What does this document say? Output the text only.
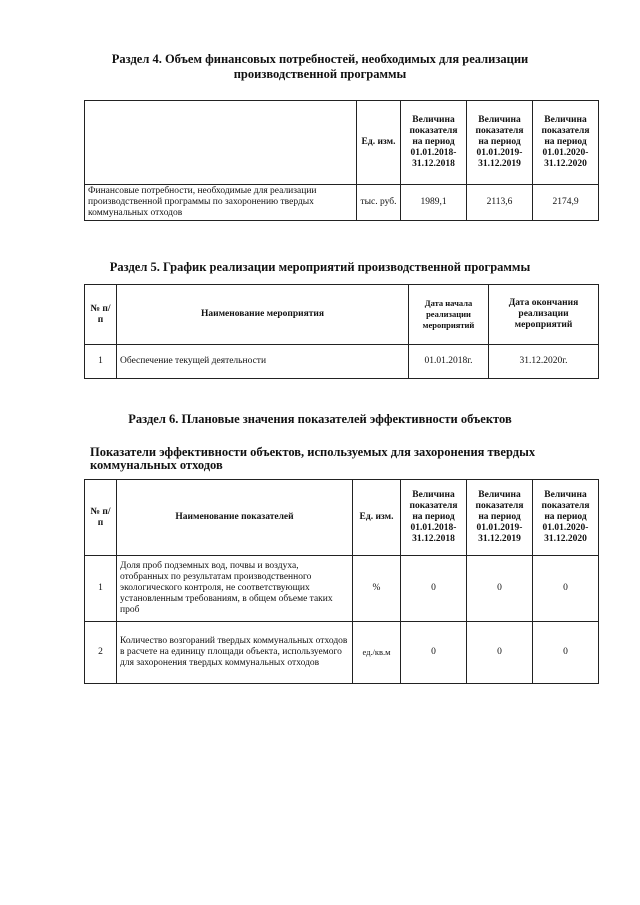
Раздел 4. Объем финансовых потребностей, необходимых для реализации
производственной программы
	Ед. изм.	Величина показателя на период 01.01.2018-31.12.2018	Величина показателя на период 01.01.2019-31.12.2019	Величина показателя на период 01.01.2020-31.12.2020
Финансовые потребности, необходимые для реализации производственной программы по захоронению твердых коммунальных отходов	тыс. руб.	1989,1	2113,6	2174,9
Раздел 5. График реализации мероприятий производственной программы
№ п/п	Наименование мероприятия	Дата начала реализации мероприятий	Дата окончания реализации мероприятий
1	Обеспечение текущей деятельности	01.01.2018г.	31.12.2020г.
Раздел 6. Плановые значения показателей эффективности объектов
Показатели эффективности объектов, используемых для захоронения твердых
коммунальных отходов
№ п/п	Наименование показателей	Ед. изм.	Величина показателя на период 01.01.2018-31.12.2018	Величина показателя на период 01.01.2019-31.12.2019	Величина показателя на период 01.01.2020-31.12.2020
1	Доля проб подземных вод, почвы и воздуха, отобранных по результатам производственного экологического контроля, не соответствующих установленным требованиям, в общем объеме таких проб	%	0	0	0
2	Количество возгораний твердых коммунальных отходов в расчете на единицу площади объекта, используемого для захоронения твердых коммунальных отходов	ед./кв.м	0	0	0
